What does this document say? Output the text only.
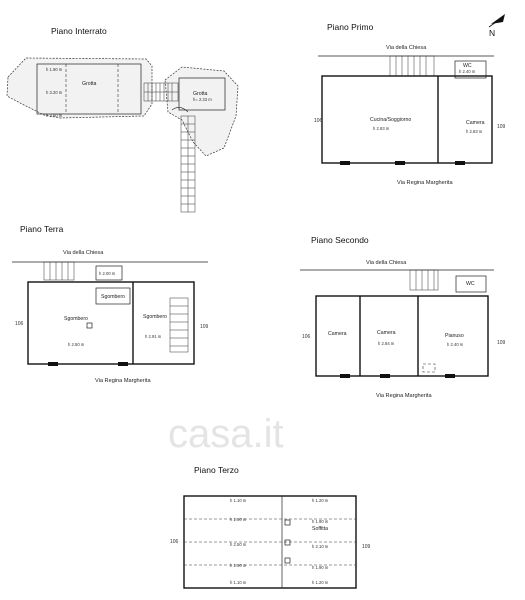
casa.it
N
Piano Interrato
h 1.90 m
Grotta
h 3.20 m
h 3.60 m
Grotta
h= 2.33 m
Piano Primo
Via della Chiesa
106
109
Cucina/Soggiorno
h 2.83 m
Camera
h 2.83 m
WC
h 2.40 m
Via Regina Margherita
Piano Terra
Via della Chiesa
106	109
h 2.00 m
Sgombero
Sgombero
h 2.50 m
Sgombero
h 2.91 m
Via Regina Margherita
Piano Secondo
Via della Chiesa
106
109
Camera	Camera
h 2.84 m
Pianuso
h 2.40 m
WC
Via Regina Margherita
Piano Terzo
106
109
h 1.10 m
h 1.90 m
h 2.50 m
h 1.90 m
h 1.10 m
h 1.20 m
h 1.90 m
Soffitta
h 2.10 m
h 1.90 m
h 1.20 m
